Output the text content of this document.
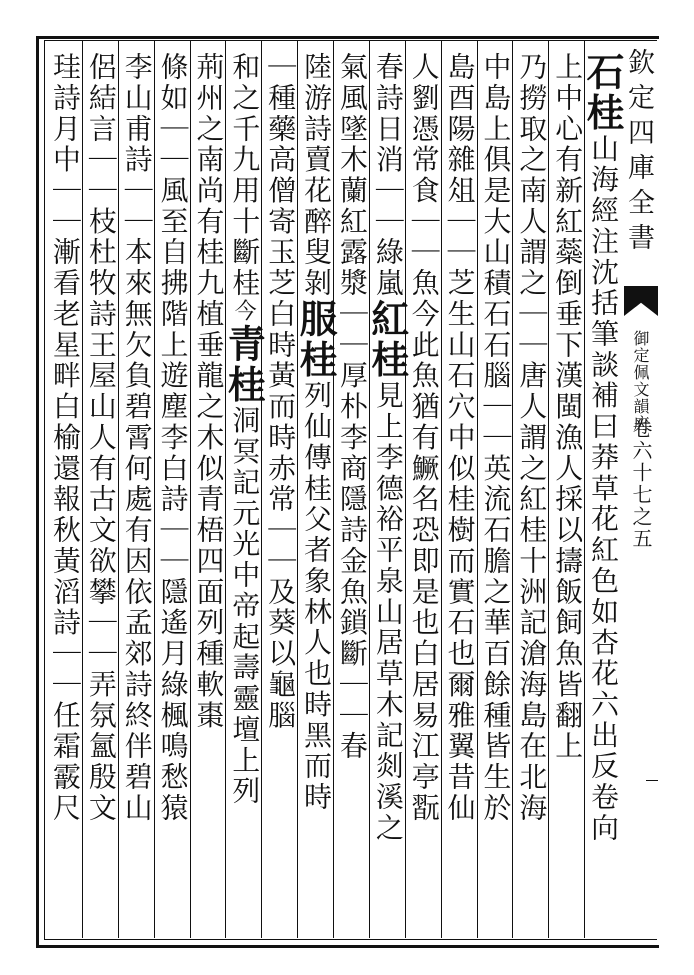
欽定四庫全書
御定佩文韻府
卷六十七之五
石桂山海經注沈括筆談補曰莽草花紅色如杏花六出反卷向
上中心有新紅蘂倒垂下漢閩漁人採以擣飯飼魚皆翻上
乃撈取之南人謂之｜｜唐人謂之紅桂十洲記滄海島在北海
中島上俱是大山積石石腦｜｜英流石膽之華百餘種皆生於
島酉陽雜俎｜｜芝生山石穴中似桂樹而實石也爾雅翼昔仙
人劉憑常食｜｜魚今此魚猶有鱖名恐即是也白居易江亭翫
春詩日消｜｜綠嵐紅桂見上李德裕平泉山居草木記剡溪之
氣風墜木蘭紅露漿｜｜厚朴李商隱詩金魚鎖斷｜｜春
陸游詩賣花醉叟剝服桂列仙傳桂父者象林人也時黑而時
｜種藥高僧寄玉芝白時黃而時赤常｜｜及葵以龜腦
和之千九用十斷桂今青桂洞冥記元光中帝起壽靈壇上列
荊州之南尚有桂九植垂龍之木似青梧四面列種軟棗
條如｜｜風至自拂階上遊塵李白詩｜｜隱遙月綠楓鳴愁猿
李山甫詩｜｜本來無欠負碧霄何處有因依孟郊詩終伴碧山
侶結言｜｜枝杜牧詩王屋山人有古文欲攀｜｜弄氛氳殷文
珪詩月中｜｜漸看老星畔白榆還報秋黃滔詩｜｜任霜霰尺
